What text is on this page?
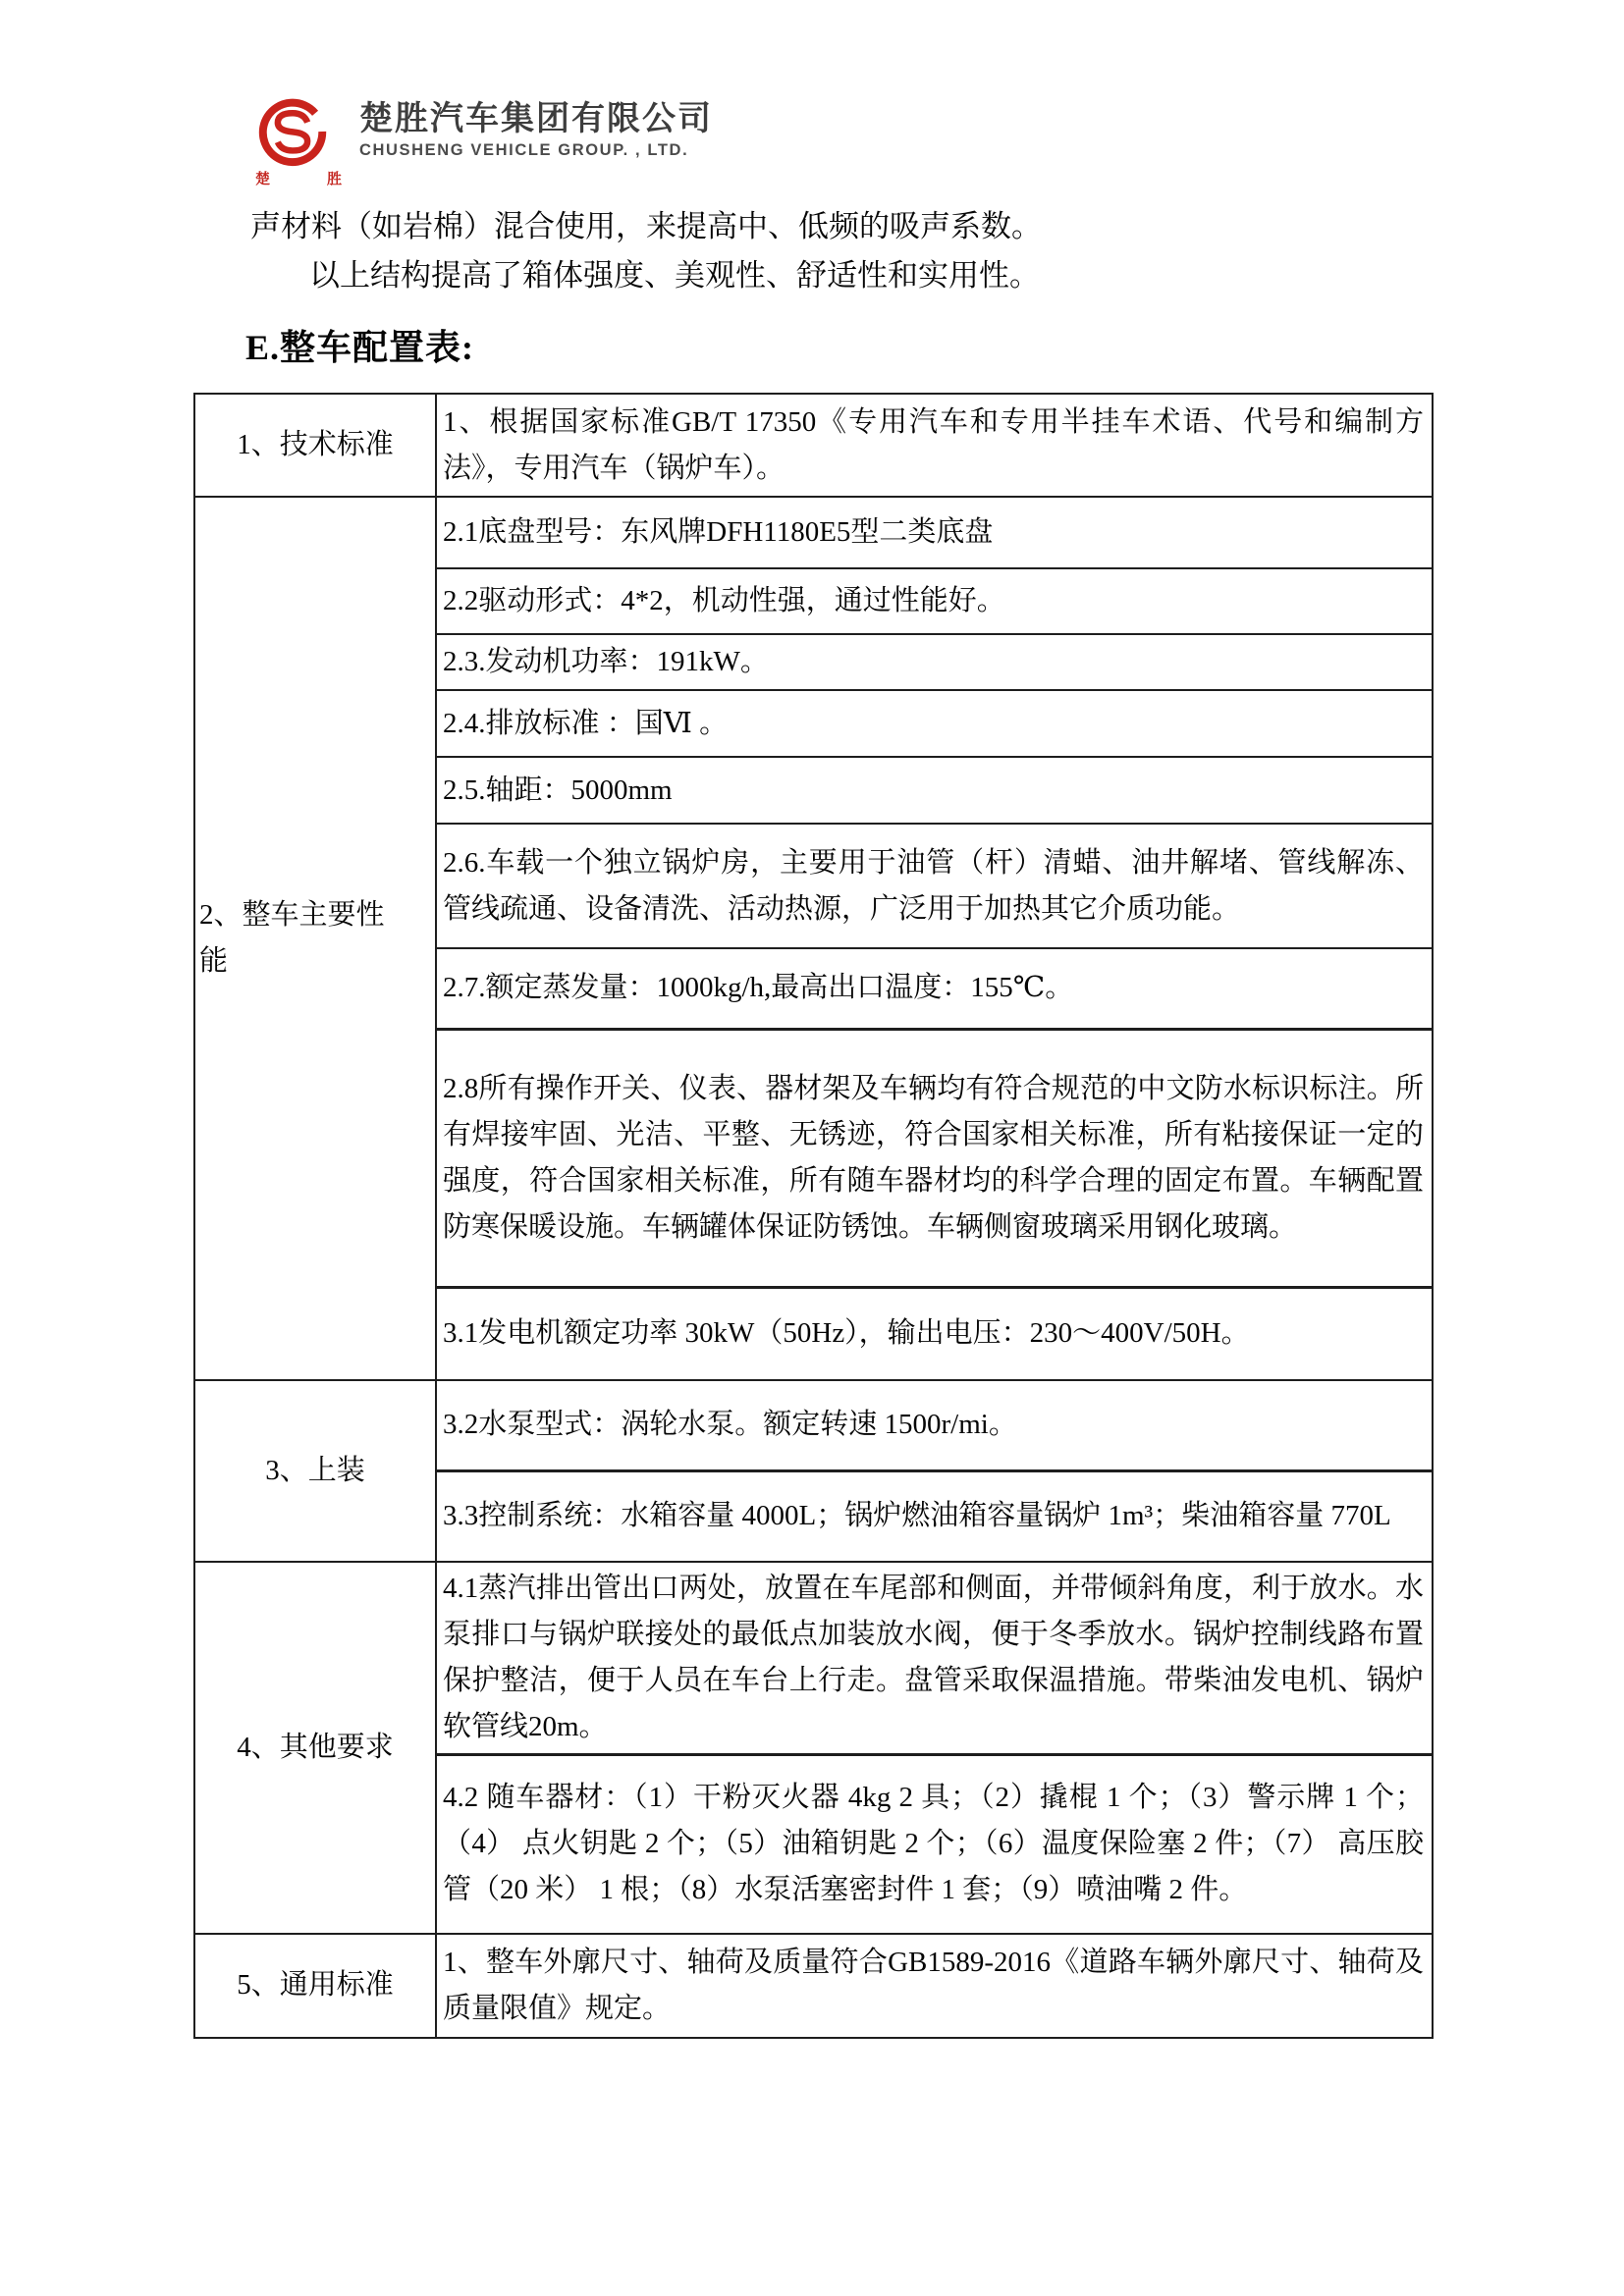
楚	胜
楚胜汽车集团有限公司
CHUSHENG VEHICLE GROUP. , LTD.
声材料（如岩棉）混合使用，来提高中、低频的吸声系数。
以上结构提高了箱体强度、美观性、舒适性和实用性。
E.整车配置表:
1、技术标准	1、根据国家标准GB/T 17350《专用汽车和专用半挂车术语、代号和编制方法》，专用汽车（锅炉车）。

2、整车主要性能	2.1底盘型号：东风牌DFH1180E5型二类底盘
	2.2驱动形式：4*2，机动性强，通过性能好。
	2.3.发动机功率：191kW。
	2.4.排放标准 ：国Ⅵ 。
	2.5.轴距：5000mm
	2.6.车载一个独立锅炉房，主要用于油管（杆）清蜡、油井解堵、管线解冻、管线疏通、设备清洗、活动热源，广泛用于加热其它介质功能。
	2.7.额定蒸发量：1000kg/h,最高出口温度：155℃。
	2.8所有操作开关、仪表、器材架及车辆均有符合规范的中文防水标识标注。所有焊接牢固、光洁、平整、无锈迹，符合国家相关标准，所有粘接保证一定的强度，符合国家相关标准，所有随车器材均的科学合理的固定布置。车辆配置防寒保暖设施。车辆罐体保证防锈蚀。车辆侧窗玻璃采用钢化玻璃。
	3.1发电机额定功率 30kW（50Hz），输出电压：230～400V/50H。
3、上装	3.2水泵型式：涡轮水泵。额定转速 1500r/mi。
	3.3控制系统：水箱容量 4000L；锅炉燃油箱容量锅炉 1m³；柴油箱容量 770L
4、其他要求	4.1蒸汽排出管出口两处，放置在车尾部和侧面，并带倾斜角度，利于放水。水泵排口与锅炉联接处的最低点加装放水阀，便于冬季放水。锅炉控制线路布置保护整洁，便于人员在车台上行走。盘管采取保温措施。带柴油发电机、锅炉软管线20m。
	4.2 随车器材：（1）干粉灭火器 4kg 2 具；（2）撬棍 1 个；（3）警示牌 1 个；（4） 点火钥匙 2 个；（5）油箱钥匙 2 个；（6）温度保险塞 2 件；（7） 高压胶管（20 米） 1 根；（8）水泵活塞密封件 1 套；（9）喷油嘴 2 件。
5、通用标准	1、整车外廓尺寸、轴荷及质量符合GB1589-2016《道路车辆外廓尺寸、轴荷及质量限值》规定。
